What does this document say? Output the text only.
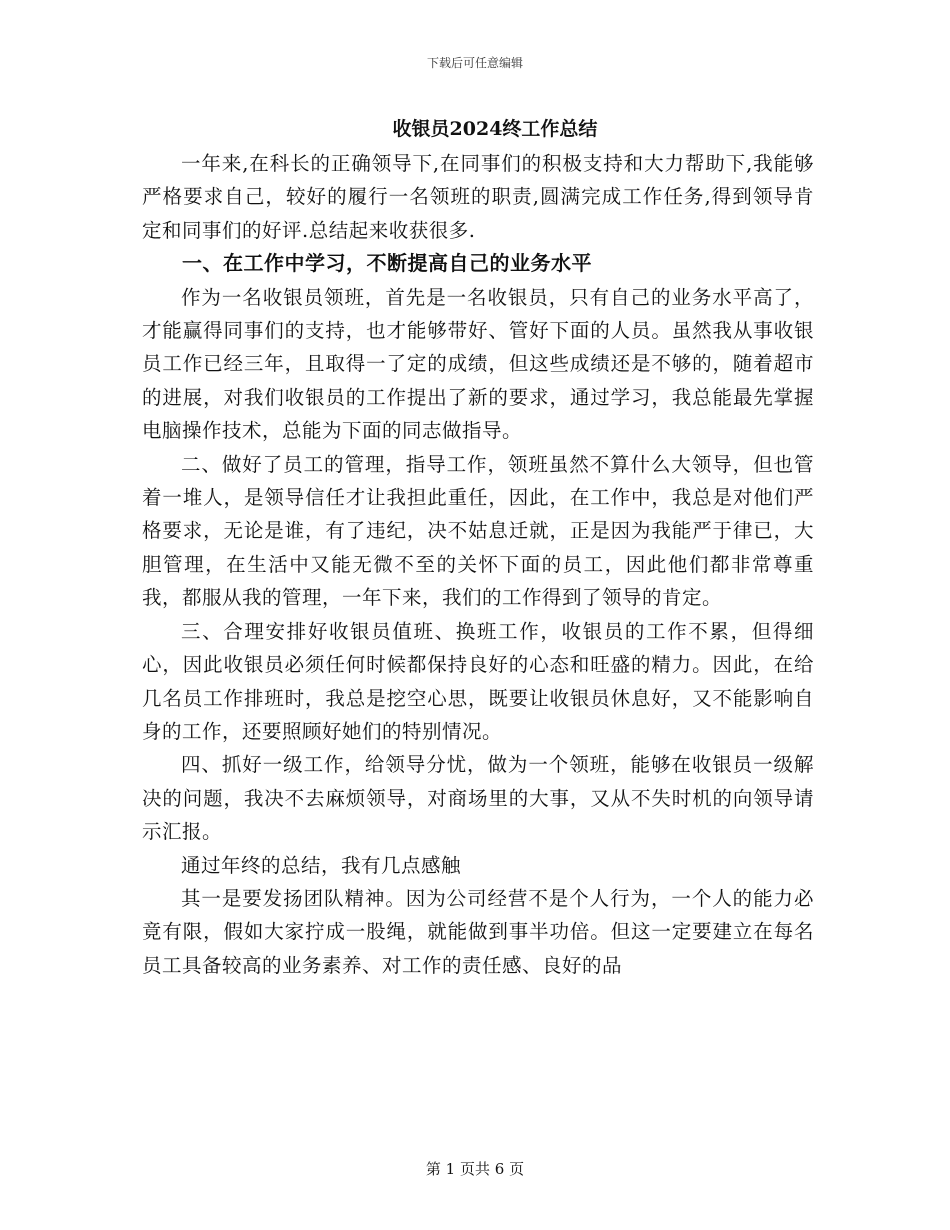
下载后可任意编辑
收银员2024终工作总结

一年来,在科长的正确领导下,在同事们的积极支持和大力帮助下,我能够严格要求自己，较好的履行一名领班的职责,圆满完成工作任务,得到领导肯定和同事们的好评.总结起来收获很多.

一、在工作中学习，不断提高自己的业务水平

作为一名收银员领班，首先是一名收银员，只有自己的业务水平高了，才能赢得同事们的支持，也才能够带好、管好下面的人员。虽然我从事收银员工作已经三年，且取得一了定的成绩，但这些成绩还是不够的，随着超市的进展，对我们收银员的工作提出了新的要求，通过学习，我总能最先掌握电脑操作技术，总能为下面的同志做指导。

二、做好了员工的管理，指导工作，领班虽然不算什么大领导，但也管着一堆人，是领导信任才让我担此重任，因此，在工作中，我总是对他们严格要求，无论是谁，有了违纪，决不姑息迁就，正是因为我能严于律已，大胆管理，在生活中又能无微不至的关怀下面的员工，因此他们都非常尊重我，都服从我的管理，一年下来，我们的工作得到了领导的肯定。

三、合理安排好收银员值班、换班工作，收银员的工作不累，但得细心，因此收银员必须任何时候都保持良好的心态和旺盛的精力。因此，在给几名员工作排班时，我总是挖空心思，既要让收银员休息好，又不能影响自身的工作，还要照顾好她们的特别情况。

四、抓好一级工作，给领导分忧，做为一个领班，能够在收银员一级解决的问题，我决不去麻烦领导，对商场里的大事，又从不失时机的向领导请示汇报。

通过年终的总结，我有几点感触

其一是要发扬团队精神。因为公司经营不是个人行为，一个人的能力必竟有限，假如大家拧成一股绳，就能做到事半功倍。但这一定要建立在每名员工具备较高的业务素养、对工作的责任感、良好的品

第 1 页共 6 页
